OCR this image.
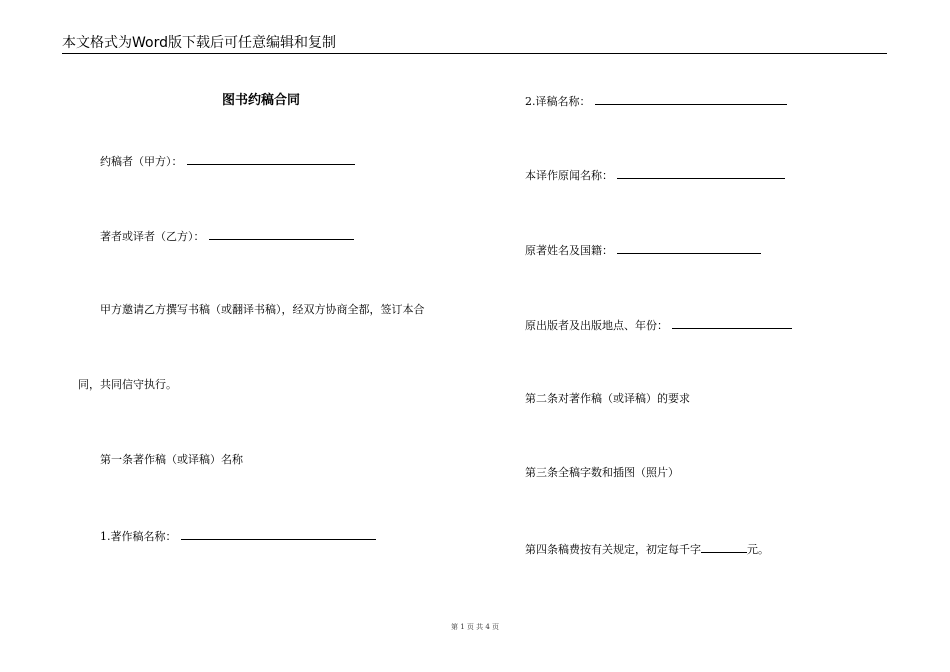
本文格式为Word版下载后可任意编辑和复制
图书约稿合同
约稿者（甲方）：
著者或译者（乙方）：
甲方邀请乙方撰写书稿（或翻译书稿），经双方协商全都，签订本合
同，共同信守执行。
第一条著作稿（或译稿）名称
1.著作稿名称：
2.译稿名称：
本译作原闻名称：
原著姓名及国籍：
原出版者及出版地点、年份：
第二条对著作稿（或译稿）的要求
第三条全稿字数和插图（照片）
第四条稿费按有关规定，初定每千字	元。
第 1 页 共 4 页
